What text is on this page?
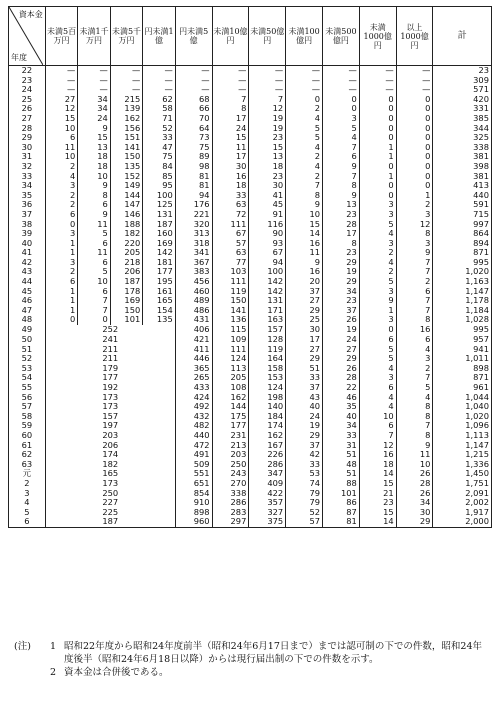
資本金
年度	未満5百万円	未満1千万円	未満5千万円	円未満1億	円未満5億	未満10億円	未満50億円	未満100億円	未満500億円	未満1000億円	以上1000億円	計
22	—	—	—	—	—	—	—	—	—	—	—	23
23	—	—	—	—	—	—	—	—	—	—	—	309
24	—	—	—	—	—	—	—	—	—	—	—	571
25	27	34	215	62	68	7	7	0	0	0	0	420
26	12	34	139	58	66	8	12	2	0	0	0	331
27	15	24	162	71	70	17	19	4	3	0	0	385
28	10	9	156	52	64	24	19	5	5	0	0	344
29	6	15	151	33	73	15	23	5	4	0	0	325
30	11	13	141	47	75	11	15	4	7	1	0	338
31	10	18	150	75	89	17	13	2	6	1	0	381
32	2	18	135	84	98	30	18	4	9	0	0	398
33	4	10	152	85	81	16	23	2	7	1	0	381
34	3	9	149	95	81	18	30	7	8	0	0	413
35	2	8	144	100	94	33	41	8	9	0	1	440
36	2	6	147	125	176	63	45	9	13	3	2	591
37	6	9	146	131	221	72	91	10	23	3	3	715
38	0	11	188	187	320	111	116	15	28	5	12	997
39	3	5	182	160	313	67	90	14	17	4	8	864
40	1	6	220	169	318	57	93	16	8	3	3	894
41	1	11	205	142	341	63	67	11	23	2	9	871
42	3	6	218	181	367	77	94	9	29	4	7	995
43	2	5	206	177	383	103	100	16	19	2	7	1,020
44	6	10	187	195	456	111	142	20	29	5	2	1,163
45	1	6	178	161	460	119	142	37	34	3	6	1,147
46	1	7	169	165	489	150	131	27	23	9	7	1,178
47	1	7	150	154	486	141	171	29	37	1	7	1,184
48	0	0	101	135	431	136	163	25	26	3	8	1,028
49	252				406	115	157	30	19	0	16	995
50	241				421	109	128	17	24	6	6	957
51	211				411	111	119	27	27	5	4	941
52	211				446	124	164	29	29	5	3	1,011
53	179				365	113	158	51	26	4	2	898
54	177				265	205	153	33	28	3	7	871
55	192				433	108	124	37	22	6	5	961
56	173				424	162	198	43	46	4	4	1,044
57	173				492	144	140	40	35	4	8	1,040
58	157				432	175	184	24	40	10	8	1,020
59	197				482	177	174	19	34	6	7	1,096
60	203				440	231	162	29	33	7	8	1,113
61	206				472	213	167	37	31	12	9	1,147
62	174				491	203	226	42	51	16	11	1,215
63	182				509	250	286	33	48	18	10	1,336
元	165				551	243	347	53	51	14	26	1,450
2	173				651	270	409	74	88	15	28	1,751
3	250				854	338	422	79	101	21	26	2,091
4	227				910	286	357	79	86	23	34	2,002
5	225				898	283	327	52	87	15	30	1,917
6	187				960	297	375	57	81	14	29	2,000
(注)	1 昭和22年度から昭和24年度前半（昭和24年6月17日まで）までは認可制の下での件数，昭和24年度後半（昭和24年6月18日以降）からは現行届出制の下での件数を示す。
2 資本金は合併後である。
